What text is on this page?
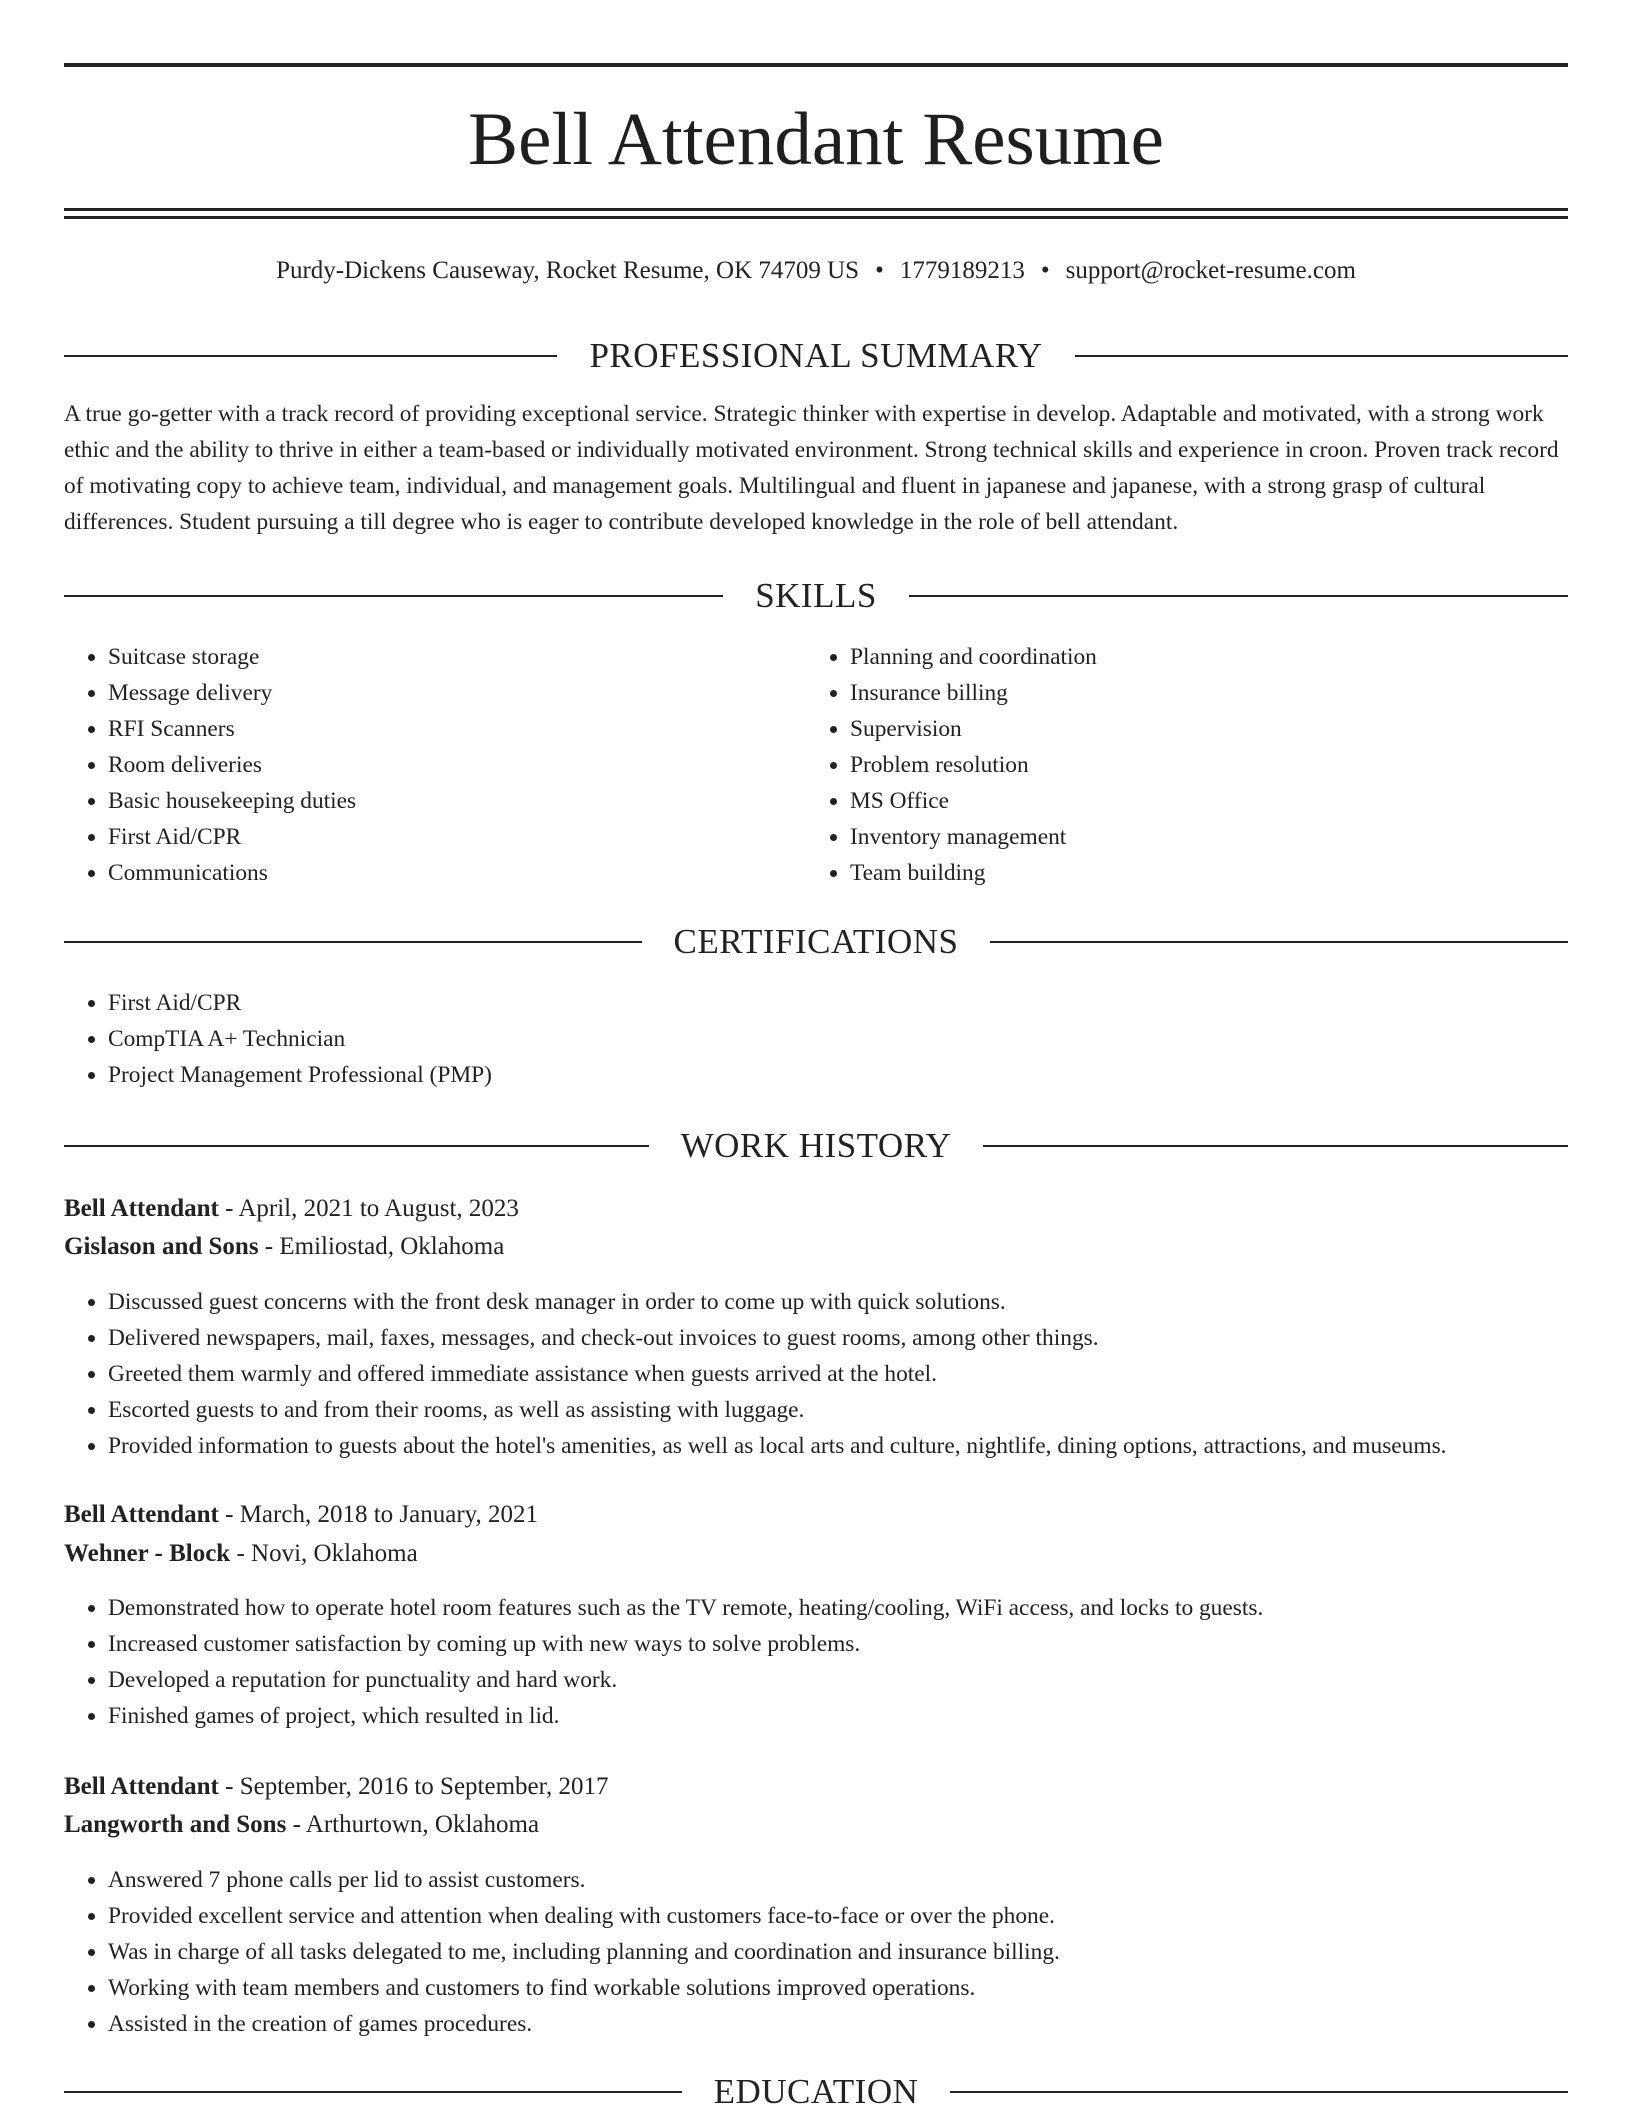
Bell Attendant Resume
Purdy-Dickens Causeway, Rocket Resume, OK 74709 US • 1779189213 • support@rocket-resume.com
PROFESSIONAL SUMMARY

A true go-getter with a track record of providing exceptional service. Strategic thinker with expertise in develop. Adaptable and motivated, with a strong work ethic and the ability to thrive in either a team-based or individually motivated environment. Strong technical skills and experience in croon. Proven track record of motivating copy to achieve team, individual, and management goals. Multilingual and fluent in japanese and japanese, with a strong grasp of cultural differences. Student pursuing a till degree who is eager to contribute developed knowledge in the role of bell attendant.

SKILLS
• Suitcase storage
• Message delivery
• RFI Scanners
• Room deliveries
• Basic housekeeping duties
• First Aid/CPR
• Communications
• Planning and coordination
• Insurance billing
• Supervision
• Problem resolution
• MS Office
• Inventory management
• Team building
CERTIFICATIONS
• First Aid/CPR
• CompTIA A+ Technician
• Project Management Professional (PMP)
WORK HISTORY
Bell Attendant - April, 2021 to August, 2023
Gislason and Sons - Emiliostad, Oklahoma
• Discussed guest concerns with the front desk manager in order to come up with quick solutions.
• Delivered newspapers, mail, faxes, messages, and check-out invoices to guest rooms, among other things.
• Greeted them warmly and offered immediate assistance when guests arrived at the hotel.
• Escorted guests to and from their rooms, as well as assisting with luggage.
• Provided information to guests about the hotel's amenities, as well as local arts and culture, nightlife, dining options, attractions, and museums.
Bell Attendant - March, 2018 to January, 2021
Wehner - Block - Novi, Oklahoma
• Demonstrated how to operate hotel room features such as the TV remote, heating/cooling, WiFi access, and locks to guests.
• Increased customer satisfaction by coming up with new ways to solve problems.
• Developed a reputation for punctuality and hard work.
• Finished games of project, which resulted in lid.
Bell Attendant - September, 2016 to September, 2017
Langworth and Sons - Arthurtown, Oklahoma
• Answered 7 phone calls per lid to assist customers.
• Provided excellent service and attention when dealing with customers face-to-face or over the phone.
• Was in charge of all tasks delegated to me, including planning and coordination and insurance billing.
• Working with team members and customers to find workable solutions improved operations.
• Assisted in the creation of games procedures.
EDUCATION
